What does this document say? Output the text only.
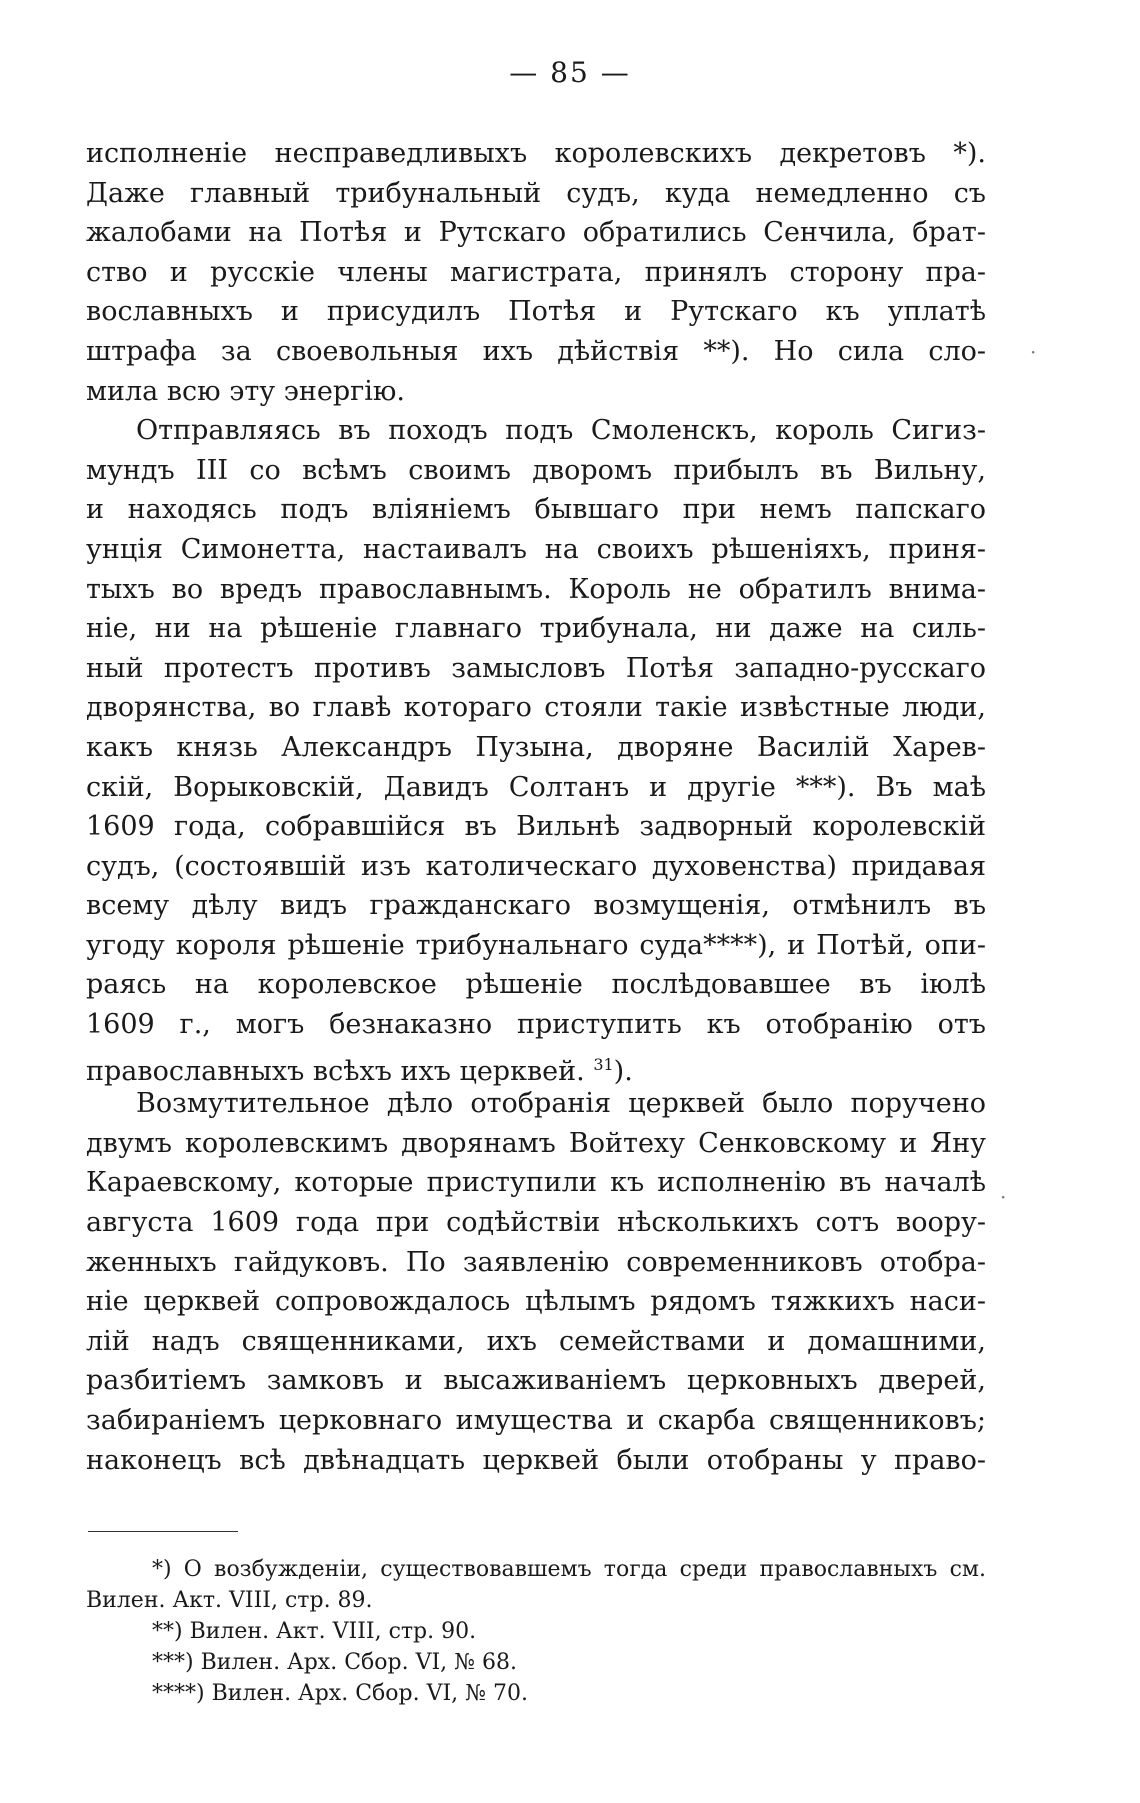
— 85 —
исполненіе несправедливыхъ королевскихъ декретовъ *).
Даже главный трибунальный судъ, куда немедленно съ
жалобами на Потѣя и Рутскаго обратились Сенчила, брат-
ство и русскіе члены магистрата, принялъ сторону пра-
вославныхъ и присудилъ Потѣя и Рутскаго къ уплатѣ
штрафа за своевольныя ихъ дѣйствія **). Но сила сло-
мила всю эту энергію.
Отправляясь въ походъ подъ Смоленскъ, король Сигиз-
мундъ III со всѣмъ своимъ дворомъ прибылъ въ Вильну,
и находясь подъ вліяніемъ бывшаго при немъ папскаго
унція Симонетта, настаивалъ на своихъ рѣшеніяхъ, приня-
тыхъ во вредъ православнымъ. Король не обратилъ внима-
ніе, ни на рѣшеніе главнаго трибунала, ни даже на силь-
ный протестъ противъ замысловъ Потѣя западно-русскаго
дворянства, во главѣ котораго стояли такіе извѣстные люди,
какъ князь Александръ Пузына, дворяне Василій Харев-
скій, Ворыковскій, Давидъ Солтанъ и другіе ***). Въ маѣ
1609 года, собравшійся въ Вильнѣ задворный королевскій
судъ, (состоявшій изъ католическаго духовенства) придавая
всему дѣлу видъ гражданскаго возмущенія, отмѣнилъ въ
угоду короля рѣшеніе трибунальнаго суда****), и Потѣй, опи-
раясь на королевское рѣшеніе послѣдовавшее въ іюлѣ
1609 г., могъ безнаказно приступить къ отобранію отъ
православныхъ всѣхъ ихъ церквей. $^{31}$).
Возмутительное дѣло отобранія церквей было поручено
двумъ королевскимъ дворянамъ Войтеху Сенковскому и Яну
Караевскому, которые приступили къ исполненію въ началѣ
августа 1609 года при содѣйствіи нѣсколькихъ сотъ воору-
женныхъ гайдуковъ. По заявленію современниковъ отобра-
ніе церквей сопровождалось цѣлымъ рядомъ тяжкихъ наси-
лій надъ священниками, ихъ семействами и домашними,
разбитіемъ замковъ и высаживаніемъ церковныхъ дверей,
забираніемъ церковнаго имущества и скарба священниковъ;
наконецъ всѣ двѣнадцать церквей были отобраны у право-
*) О возбужденіи, существовавшемъ тогда среди православныхъ см.
Вилен. Акт. VIII, стр. 89.
**) Вилен. Акт. VIII, стр. 90.
***) Вилен. Арх. Сбор. VI, № 68.
****) Вилен. Арх. Сбор. VI, № 70.
·
·
